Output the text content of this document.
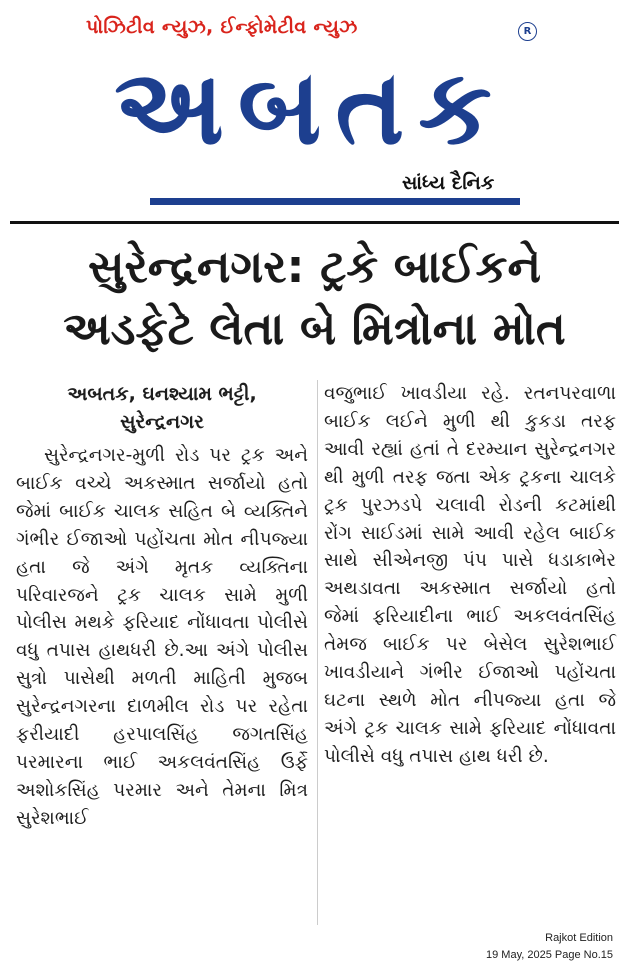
પોઝિટીવ ન્યુઝ, ઈન્ફોમેટીવ ન્યુઝ	R
અબતક
સાંધ્ય દૈનિક
સુરેન્દ્રનગર: ટ્રકે બાઈકને
અડફેટે લેતા બે મિત્રોના મોત
અબતક, ઘનશ્યામ ભટ્ટી,
સુરેન્દ્રનગર
સુરેન્દ્રનગર-મુળી રોડ પર ટ્રક અને બાઈક વચ્ચે અકસ્માત સર્જાયો હતો જેમાં બાઈક ચાલક સહિત બે વ્યક્તિને ગંભીર ઈજાઓ પહોંચતા મોત નીપજ્યા હતા જે અંગે મૃતક વ્યક્તિના પરિવારજને ટ્રક ચાલક સામે મુળી પોલીસ મથકે ફરિયાદ નોંધાવતા પોલીસે વધુ તપાસ હાથધરી છે.આ અંગે પોલીસ સુત્રો પાસેથી મળતી માહિતી મુજબ સુરેન્દ્રનગરના દાળમીલ રોડ પર રહેતા ફરીયાદી હરપાલસિંહ જગતસિંહ પરમારના ભાઈ અકલવંતસિંહ ઉર્ફે અશોકસિંહ પરમાર અને તેમના મિત્ર સુરેશભાઈ
વજુભાઈ ખાવડીયા રહે. રતનપરવાળા બાઈક લઈને મુળી થી કુકડા તરફ આવી રહ્યાં હતાં તે દરમ્યાન સુરેન્દ્રનગર થી મુળી તરફ જતા એક ટ્રકના ચાલકે ટ્રક પુરઝડપે ચલાવી રોડની કટમાંથી રોંગ સાઈડમાં સામે આવી રહેલ બાઈક સાથે સીએનજી પંપ પાસે ધડાકાભેર અથડાવતા અકસ્માત સર્જાયો હતો જેમાં ફરિયાદીના ભાઈ અકલવંતસિંહ તેમજ બાઈક પર બેસેલ સુરેશભાઈ ખાવડીયાને ગંભીર ઈજાઓ પહોંચતા ઘટના સ્થળે મોત નીપજ્યા હતા જે અંગે ટ્રક ચાલક સામે ફરિયાદ નોંધાવતા પોલીસે વધુ તપાસ હાથ ધરી છે.
Rajkot Edition
19 May, 2025 Page No.15
